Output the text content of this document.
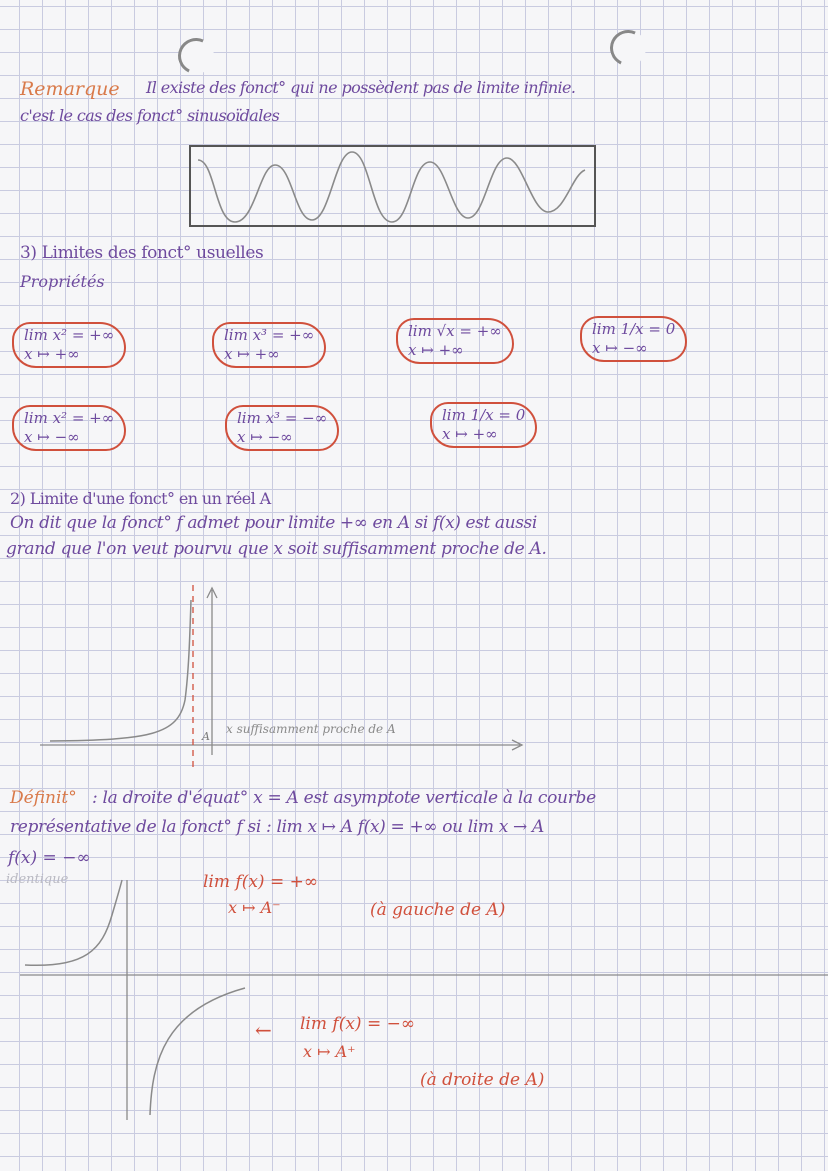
Remarque Il existe des fonct° qui ne possèdent pas de limite infinie.
c'est le cas des fonct° sinusoïdales
3) Limites des fonct° usuelles
Propriétés
lim x² = +∞
x ↦ +∞
lim x³ = +∞
x ↦ +∞
lim √x = +∞
x ↦ +∞
lim 1/x = 0
x ↦ −∞
lim x² = +∞
x ↦ −∞
lim x³ = −∞
x ↦ −∞
lim 1/x = 0
x ↦ +∞
2) Limite d'une fonct° en un réel A
On dit que la fonct° f admet pour limite +∞ en A si f(x) est aussi
grand que l'on veut pourvu que x soit suffisamment proche de A.
A
x suffisamment proche de A
Définit° : la droite d'équat° x = A est asymptote verticale à la courbe
représentative de la fonct° f si : lim x ↦ A f(x) = +∞ ou lim x → A
f(x) = −∞
identique	lim f(x) = +∞
x ↦ A⁻	(à gauche de A)
← lim f(x) = −∞
x ↦ A⁺
(à droite de A)
